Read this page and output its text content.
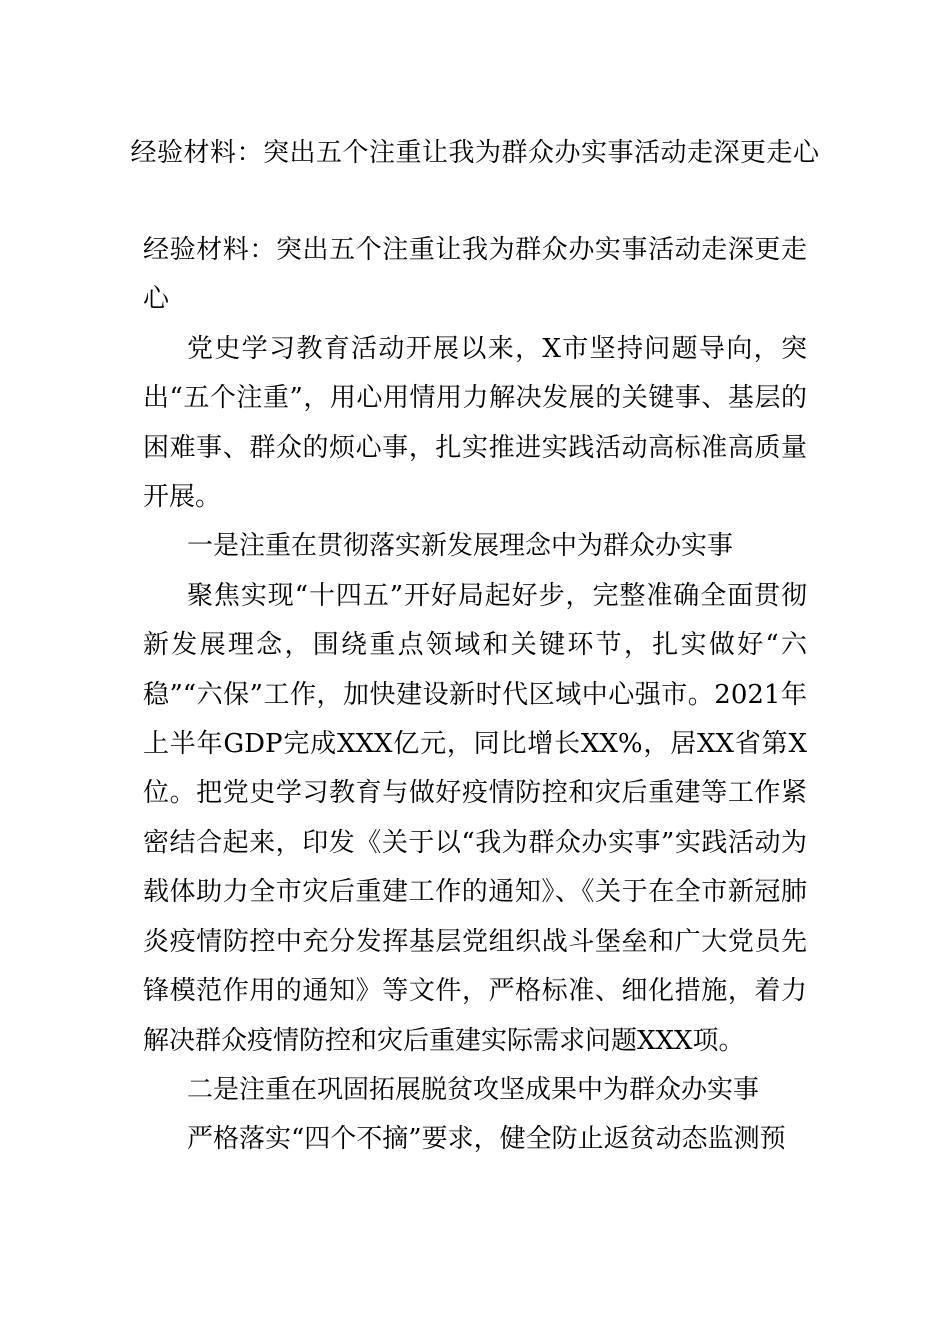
经验材料：突出五个注重让我为群众办实事活动走深更走心

经验材料：突出五个注重让我为群众办实事活动走深更走心

党史学习教育活动开展以来，X市坚持问题导向，突出“五个注重”，用心用情用力解决发展的关键事、基层的困难事、群众的烦心事，扎实推进实践活动高标准高质量开展。

一是注重在贯彻落实新发展理念中为群众办实事

聚焦实现“十四五”开好局起好步，完整准确全面贯彻新发展理念，围绕重点领域和关键环节，扎实做好“六稳”“六保”工作，加快建设新时代区域中心强市。2021年上半年GDP完成XXX亿元，同比增长XX%，居XX省第X位。把党史学习教育与做好疫情防控和灾后重建等工作紧密结合起来，印发《关于以“我为群众办实事”实践活动为载体助力全市灾后重建工作的通知》、《关于在全市新冠肺炎疫情防控中充分发挥基层党组织战斗堡垒和广大党员先锋模范作用的通知》等文件，严格标准、细化措施，着力解决群众疫情防控和灾后重建实际需求问题XXX项。

二是注重在巩固拓展脱贫攻坚成果中为群众办实事

严格落实“四个不摘”要求，健全防止返贫动态监测预
